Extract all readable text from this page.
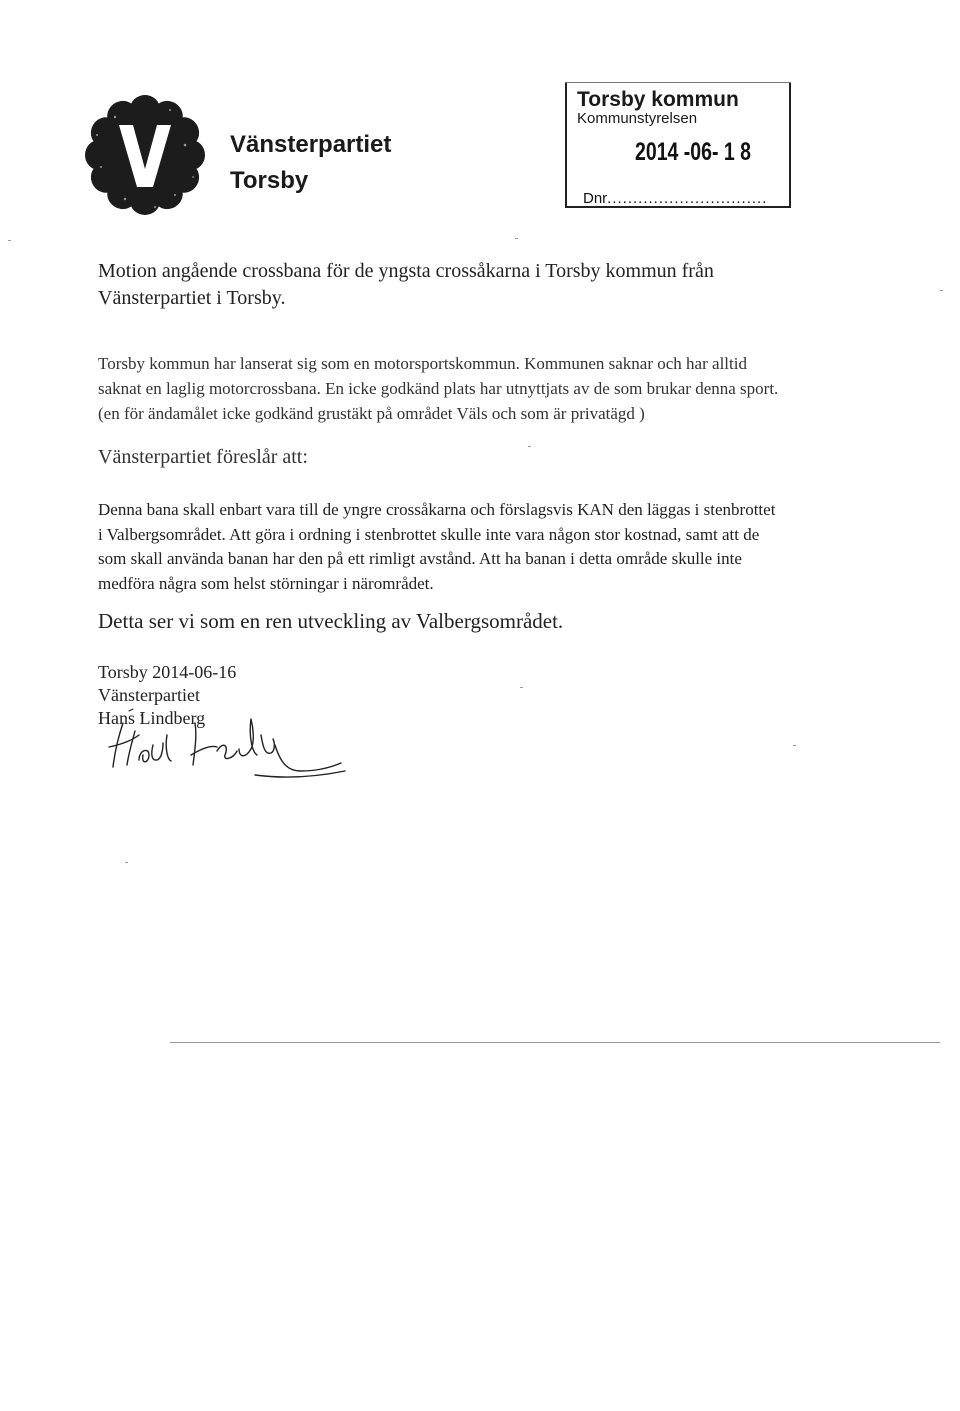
Vänsterpartiet
Torsby
Torsby kommun
Kommunstyrelsen
2014 -06- 1 8
Dnr...............................
Motion angående crossbana för de yngsta crossåkarna i Torsby kommun från
Vänsterpartiet i Torsby.
Torsby kommun har lanserat sig som en motorsportskommun. Kommunen saknar och har alltid
saknat en laglig motorcrossbana. En icke godkänd plats har utnyttjats av de som brukar denna sport.
(en för ändamålet icke godkänd grustäkt på området Väls och som är privatägd )
Vänsterpartiet föreslår att:
Denna bana skall enbart vara till de yngre crossåkarna och förslagsvis KAN den läggas i stenbrottet
i Valbergsområdet. Att göra i ordning i stenbrottet skulle inte vara någon stor kostnad, samt att de
som skall använda banan har den på ett rimligt avstånd. Att ha banan i detta område skulle inte
medföra några som helst störningar i närområdet.
Detta ser vi som en ren utveckling av Valbergsområdet.
Torsby 2014-06-16
Vänsterpartiet
Hans Lindberg
